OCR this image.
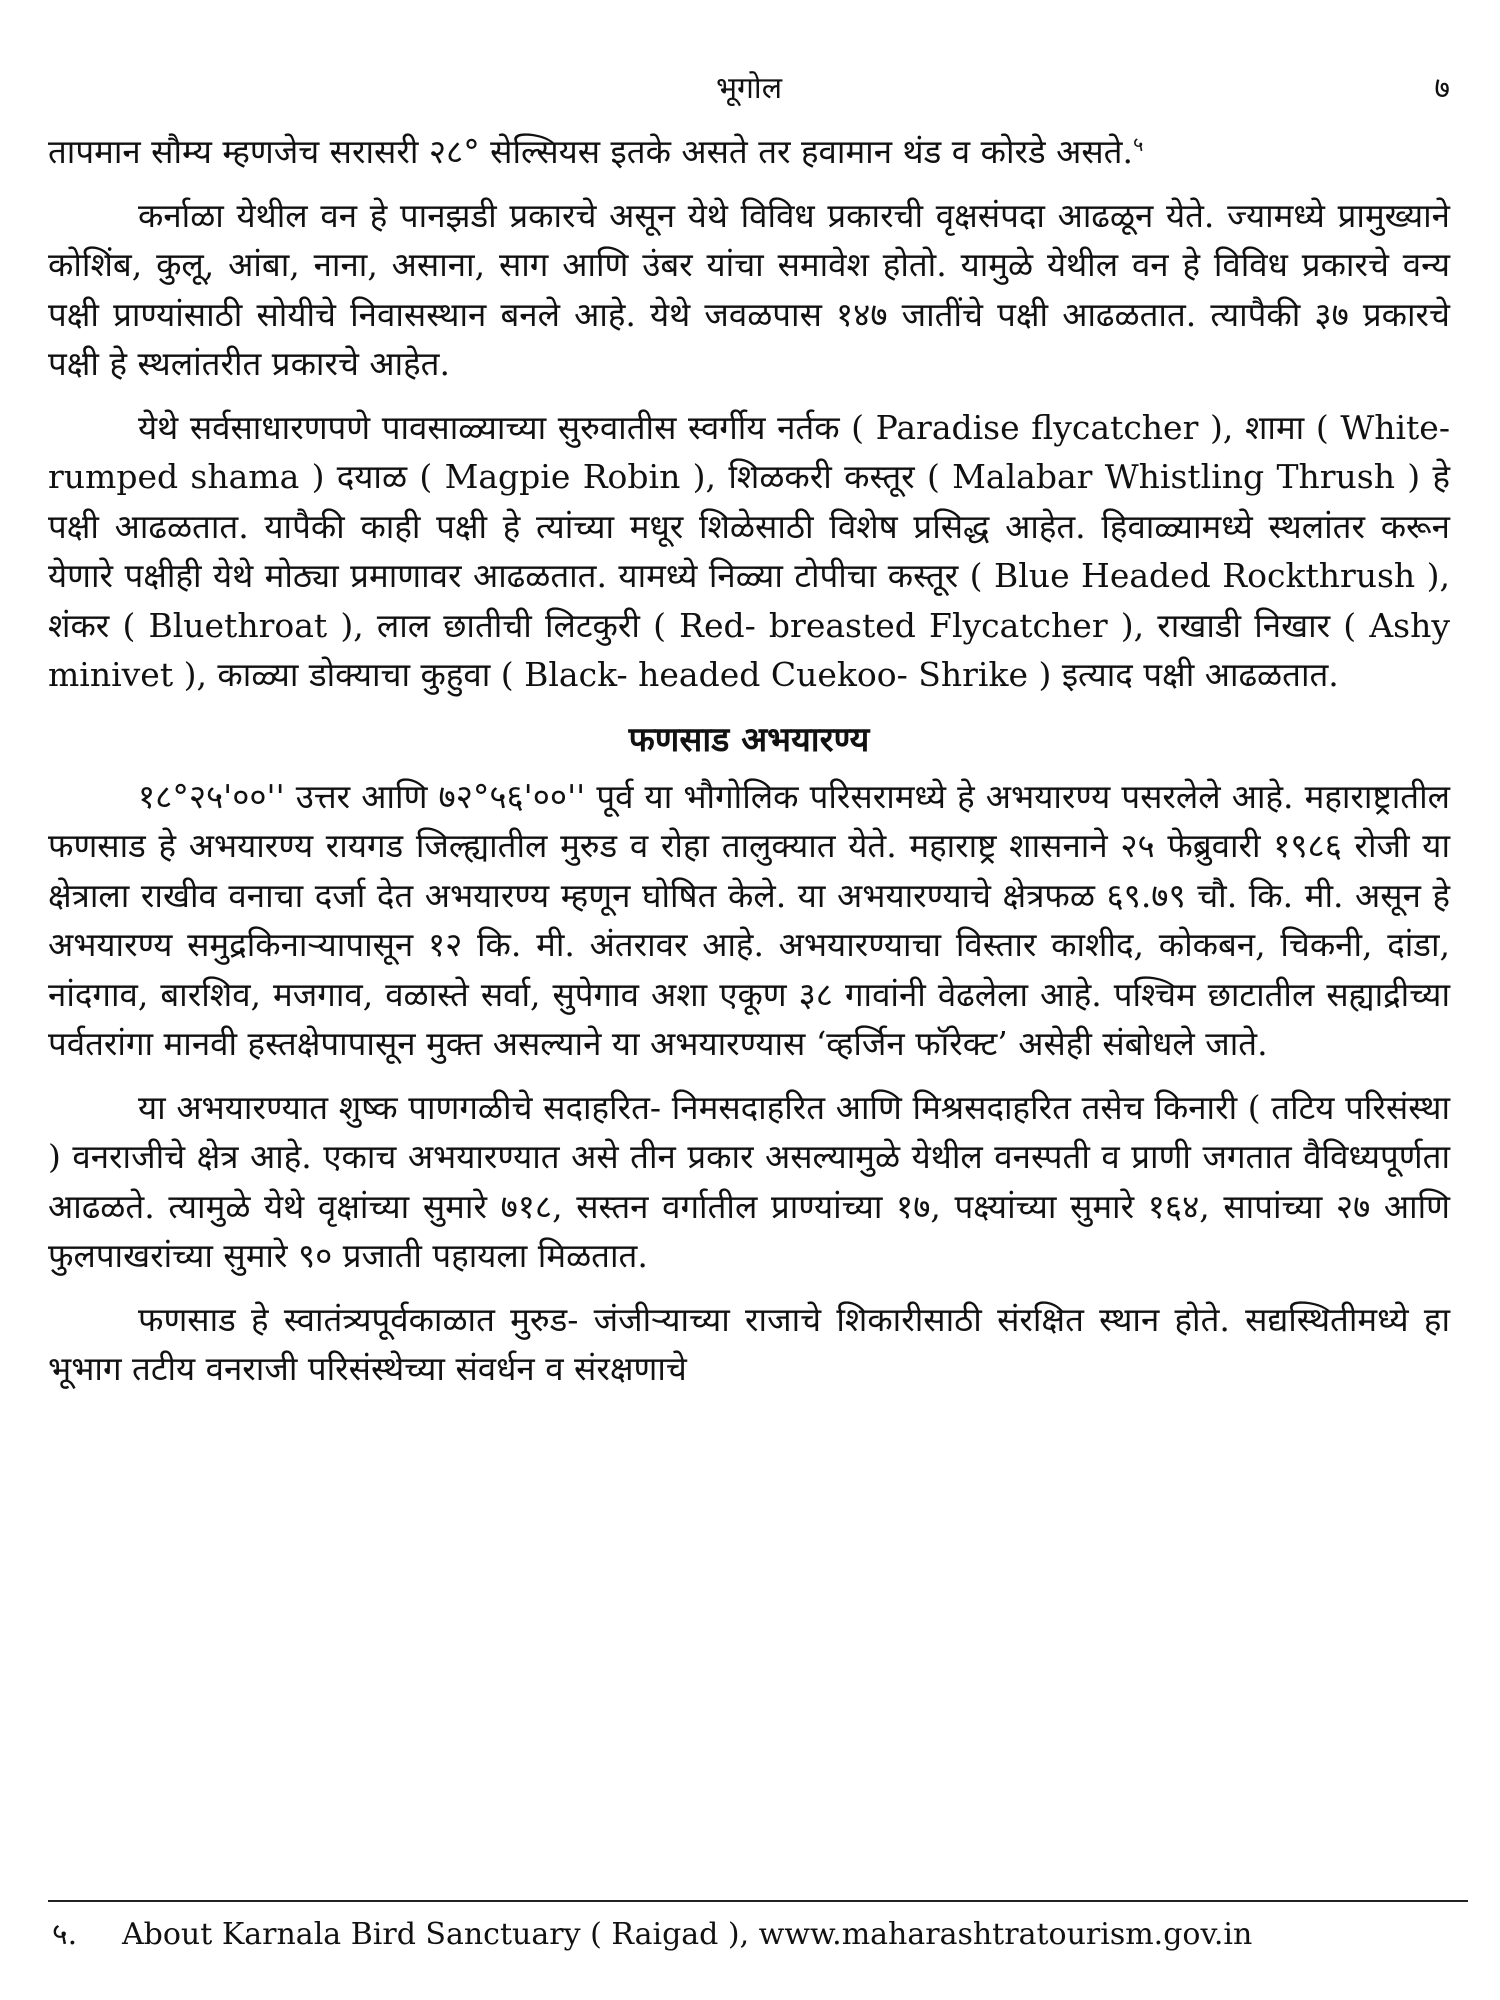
भूगोल	७

तापमान सौम्य म्हणजेच सरासरी २८° सेल्सियस इतके असते तर हवामान थंड व कोरडे असते.$^५$

कर्नाळा येथील वन हे पानझडी प्रकारचे असून येथे विविध प्रकारची वृक्षसंपदा आढळून येते. ज्यामध्ये प्रामुख्याने कोशिंब, कुलू, आंबा, नाना, असाना, साग आणि उंबर यांचा समावेश होतो. यामुळे येथील वन हे विविध प्रकारचे वन्य पक्षी प्राण्यांसाठी सोयीचे निवासस्थान बनले आहे. येथे जवळपास १४७ जातींचे पक्षी आढळतात. त्यापैकी ३७ प्रकारचे पक्षी हे स्थलांतरीत प्रकारचे आहेत.

येथे सर्वसाधारणपणे पावसाळ्याच्या सुरुवातीस स्वर्गीय नर्तक ( Paradise flycatcher ), शामा ( White- rumped shama ) दयाळ ( Magpie Robin ), शिळकरी कस्तूर ( Malabar Whistling Thrush ) हे पक्षी आढळतात. यापैकी काही पक्षी हे त्यांच्या मधूर शिळेसाठी विशेष प्रसिद्ध आहेत. हिवाळ्यामध्ये स्थलांतर करून येणारे पक्षीही येथे मोठ्या प्रमाणावर आढळतात. यामध्ये निळ्या टोपीचा कस्तूर ( Blue Headed Rockthrush ), शंकर ( Bluethroat ), लाल छातीची लिटकुरी ( Red- breasted Flycatcher ), राखाडी निखार ( Ashy minivet ), काळ्या डोक्याचा कुहुवा ( Black- headed Cuekoo- Shrike ) इत्याद पक्षी आढळतात.

फणसाड अभयारण्य

१८°२५'००'' उत्तर आणि ७२°५६'००'' पूर्व या भौगोलिक परिसरामध्ये हे अभयारण्य पसरलेले आहे. महाराष्ट्रातील फणसाड हे अभयारण्य रायगड जिल्ह्यातील मुरुड व रोहा तालुक्यात येते. महाराष्ट्र शासनाने २५ फेब्रुवारी १९८६ रोजी या क्षेत्राला राखीव वनाचा दर्जा देत अभयारण्य म्हणून घोषित केले. या अभयारण्याचे क्षेत्रफळ ६९.७९ चौ. कि. मी. असून हे अभयारण्य समुद्रकिनाऱ्यापासून १२ कि. मी. अंतरावर आहे. अभयारण्याचा विस्तार काशीद, कोकबन, चिकनी, दांडा, नांदगाव, बारशिव, मजगाव, वळास्ते सर्वा, सुपेगाव अशा एकूण ३८ गावांनी वेढलेला आहे. पश्चिम छाटातील सह्याद्रीच्या पर्वतरांगा मानवी हस्तक्षेपापासून मुक्त असल्याने या अभयारण्यास ‘व्हर्जिन फॉरेक्ट’ असेही संबोधले जाते.

या अभयारण्यात शुष्क पाणगळीचे सदाहरित- निमसदाहरित आणि मिश्रसदाहरित तसेच किनारी ( तटिय परिसंस्था ) वनराजीचे क्षेत्र आहे. एकाच अभयारण्यात असे तीन प्रकार असल्यामुळे येथील वनस्पती व प्राणी जगतात वैविध्यपूर्णता आढळते. त्यामुळे येथे वृक्षांच्या सुमारे ७१८, सस्तन वर्गातील प्राण्यांच्या १७, पक्ष्यांच्या सुमारे १६४, सापांच्या २७ आणि फुलपाखरांच्या सुमारे ९० प्रजाती पहायला मिळतात.

फणसाड हे स्वातंत्र्यपूर्वकाळात मुरुड- जंजीऱ्याच्या राजाचे शिकारीसाठी संरक्षित स्थान होते. सद्यस्थितीमध्ये हा भूभाग तटीय वनराजी परिसंस्थेच्या संवर्धन व संरक्षणाचे

५. About Karnala Bird Sanctuary ( Raigad ), www.maharashtratourism.gov.in
